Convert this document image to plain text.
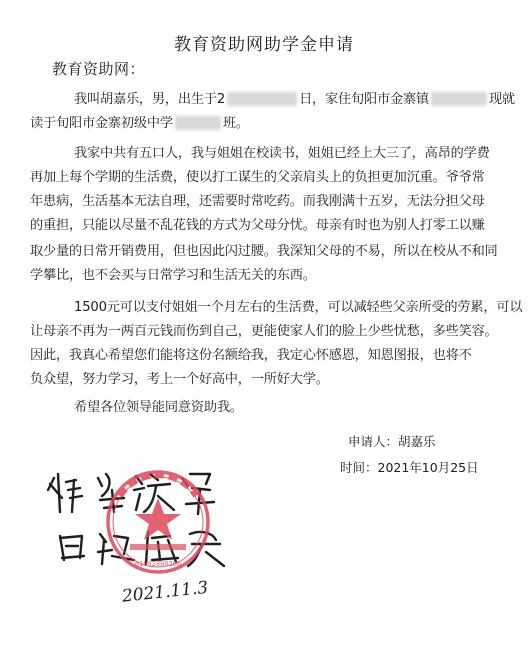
教育资助网助学金申请
教育资助网：
我叫胡嘉乐，男，出生于2	日，家住旬阳市金寨镇	现就
读于旬阳市金寨初级中学	班。
我家中共有五口人，我与姐姐在校读书，姐姐已经上大三了，高昂的学费
再加上每个学期的生活费，使以打工谋生的父亲肩头上的负担更加沉重。爷爷常
年患病，生活基本无法自理，还需要时常吃药。而我刚满十五岁，无法分担父母
的重担，只能以尽量不乱花钱的方式为父母分忧。母亲有时也为别人打零工以赚
取少量的日常开销费用，但也因此闪过腰。我深知父母的不易，所以在校从不和同
学攀比，也不会买与日常学习和生活无关的东西。
1500元可以支付姐姐一个月左右的生活费，可以减轻些父亲所受的劳累，可以
让母亲不再为一两百元钱而伤到自己，更能使家人们的脸上少些忧愁，多些笑容。
因此，我真心希望您们能将这份名额给我，我定心怀感恩，知恩图报，也将不
负众望，努力学习，考上一个好高中，一所好大学。
希望各位领导能同意资助我。
申请人：胡嘉乐
时间：2021年10月25日
61092800206
2021.11.3
